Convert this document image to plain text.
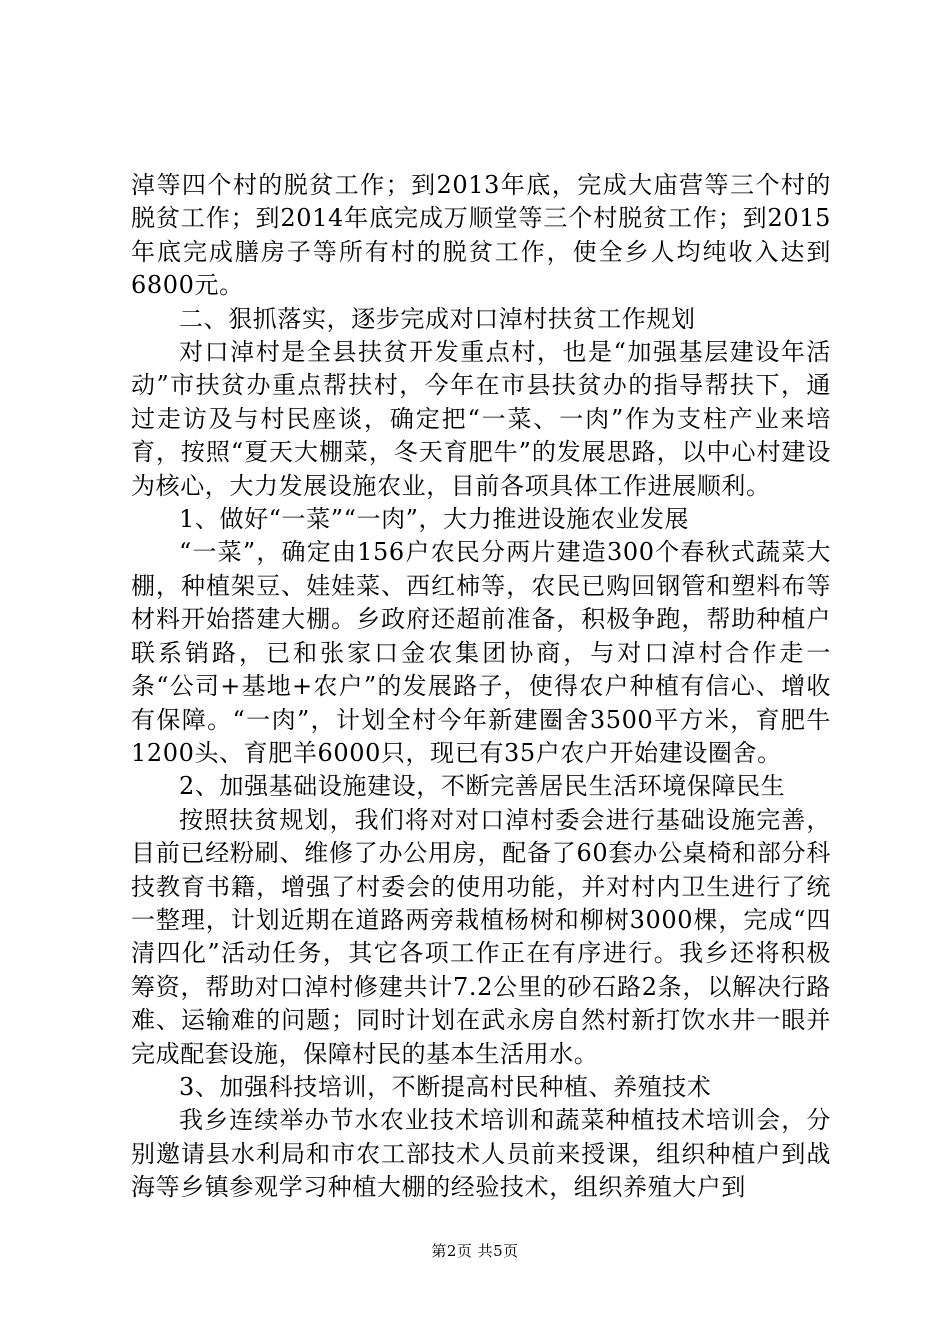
淖等四个村的脱贫工作；到2013年底，完成大庙营等三个村的脱贫工作；到2014年底完成万顺堂等三个村脱贫工作；到2015年底完成膳房子等所有村的脱贫工作，使全乡人均纯收入达到6800元。

二、狠抓落实，逐步完成对口淖村扶贫工作规划

对口淖村是全县扶贫开发重点村，也是“加强基层建设年活动”市扶贫办重点帮扶村，今年在市县扶贫办的指导帮扶下，通过走访及与村民座谈，确定把“一菜、一肉”作为支柱产业来培育，按照“夏天大棚菜，冬天育肥牛”的发展思路，以中心村建设为核心，大力发展设施农业，目前各项具体工作进展顺利。

1、做好“一菜”“一肉”，大力推进设施农业发展

“一菜”，确定由156户农民分两片建造300个春秋式蔬菜大棚，种植架豆、娃娃菜、西红柿等，农民已购回钢管和塑料布等材料开始搭建大棚。乡政府还超前准备，积极争跑，帮助种植户联系销路，已和张家口金农集团协商，与对口淖村合作走一条“公司+基地+农户”的发展路子，使得农户种植有信心、增收有保障。“一肉”，计划全村今年新建圈舍3500平方米，育肥牛1200头、育肥羊6000只，现已有35户农户开始建设圈舍。

2、加强基础设施建设，不断完善居民生活环境保障民生

按照扶贫规划，我们将对对口淖村委会进行基础设施完善，目前已经粉刷、维修了办公用房，配备了60套办公桌椅和部分科技教育书籍，增强了村委会的使用功能，并对村内卫生进行了统一整理，计划近期在道路两旁栽植杨树和柳树3000棵，完成“四清四化”活动任务，其它各项工作正在有序进行。我乡还将积极筹资，帮助对口淖村修建共计7.2公里的砂石路2条，以解决行路难、运输难的问题；同时计划在武永房自然村新打饮水井一眼并完成配套设施，保障村民的基本生活用水。

3、加强科技培训，不断提高村民种植、养殖技术

我乡连续举办节水农业技术培训和蔬菜种植技术培训会，分别邀请县水利局和市农工部技术人员前来授课，组织种植户到战海等乡镇参观学习种植大棚的经验技术，组织养殖大户到

第2页 共5页
